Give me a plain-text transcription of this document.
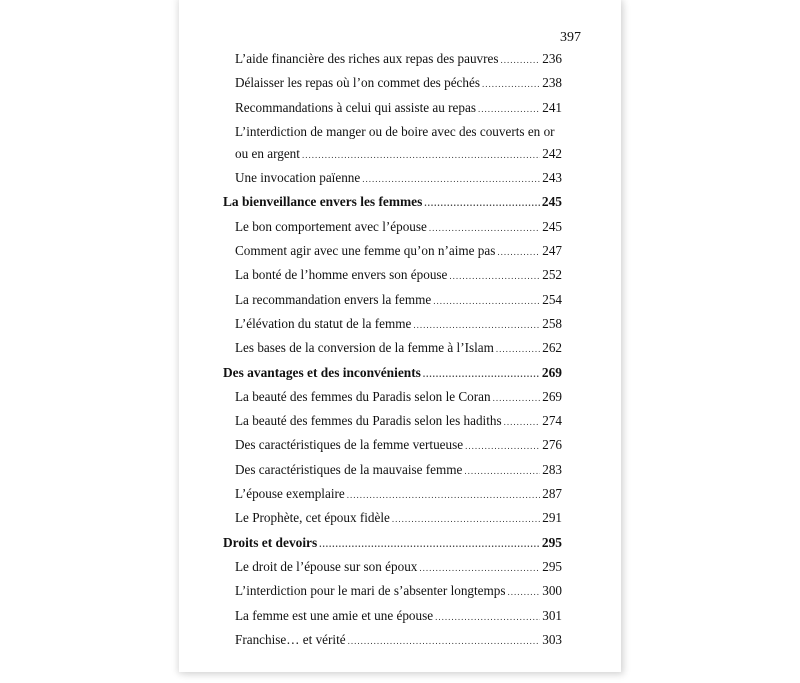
397
L’aide financière des riches aux repas des pauvres .....	236
Délaisser les repas où l’on commet des péchés .....	238
Recommandations à celui qui assiste au repas .....	241
L’interdiction de manger ou de boire avec des couverts en or
ou en argent .....	242
Une invocation païenne .....	243
La bienveillance envers les femmes .....	245
Le bon comportement avec l’épouse .....	245
Comment agir avec une femme qu’on n’aime pas .....	247
La bonté de l’homme envers son épouse .....	252
La recommandation envers la femme .....	254
L’élévation du statut de la femme .....	258
Les bases de la conversion de la femme à l’Islam .....	262
Des avantages et des inconvénients .....	269
La beauté des femmes du Paradis selon le Coran .....	269
La beauté des femmes du Paradis selon les hadiths .....	274
Des caractéristiques de la femme vertueuse .....	276
Des caractéristiques de la mauvaise femme .....	283
L’épouse exemplaire .....	287
Le Prophète, cet époux fidèle .....	291
Droits et devoirs .....	295
Le droit de l’épouse sur son époux .....	295
L’interdiction pour le mari de s’absenter longtemps .....	300
La femme est une amie et une épouse .....	301
Franchise… et vérité .....	303
